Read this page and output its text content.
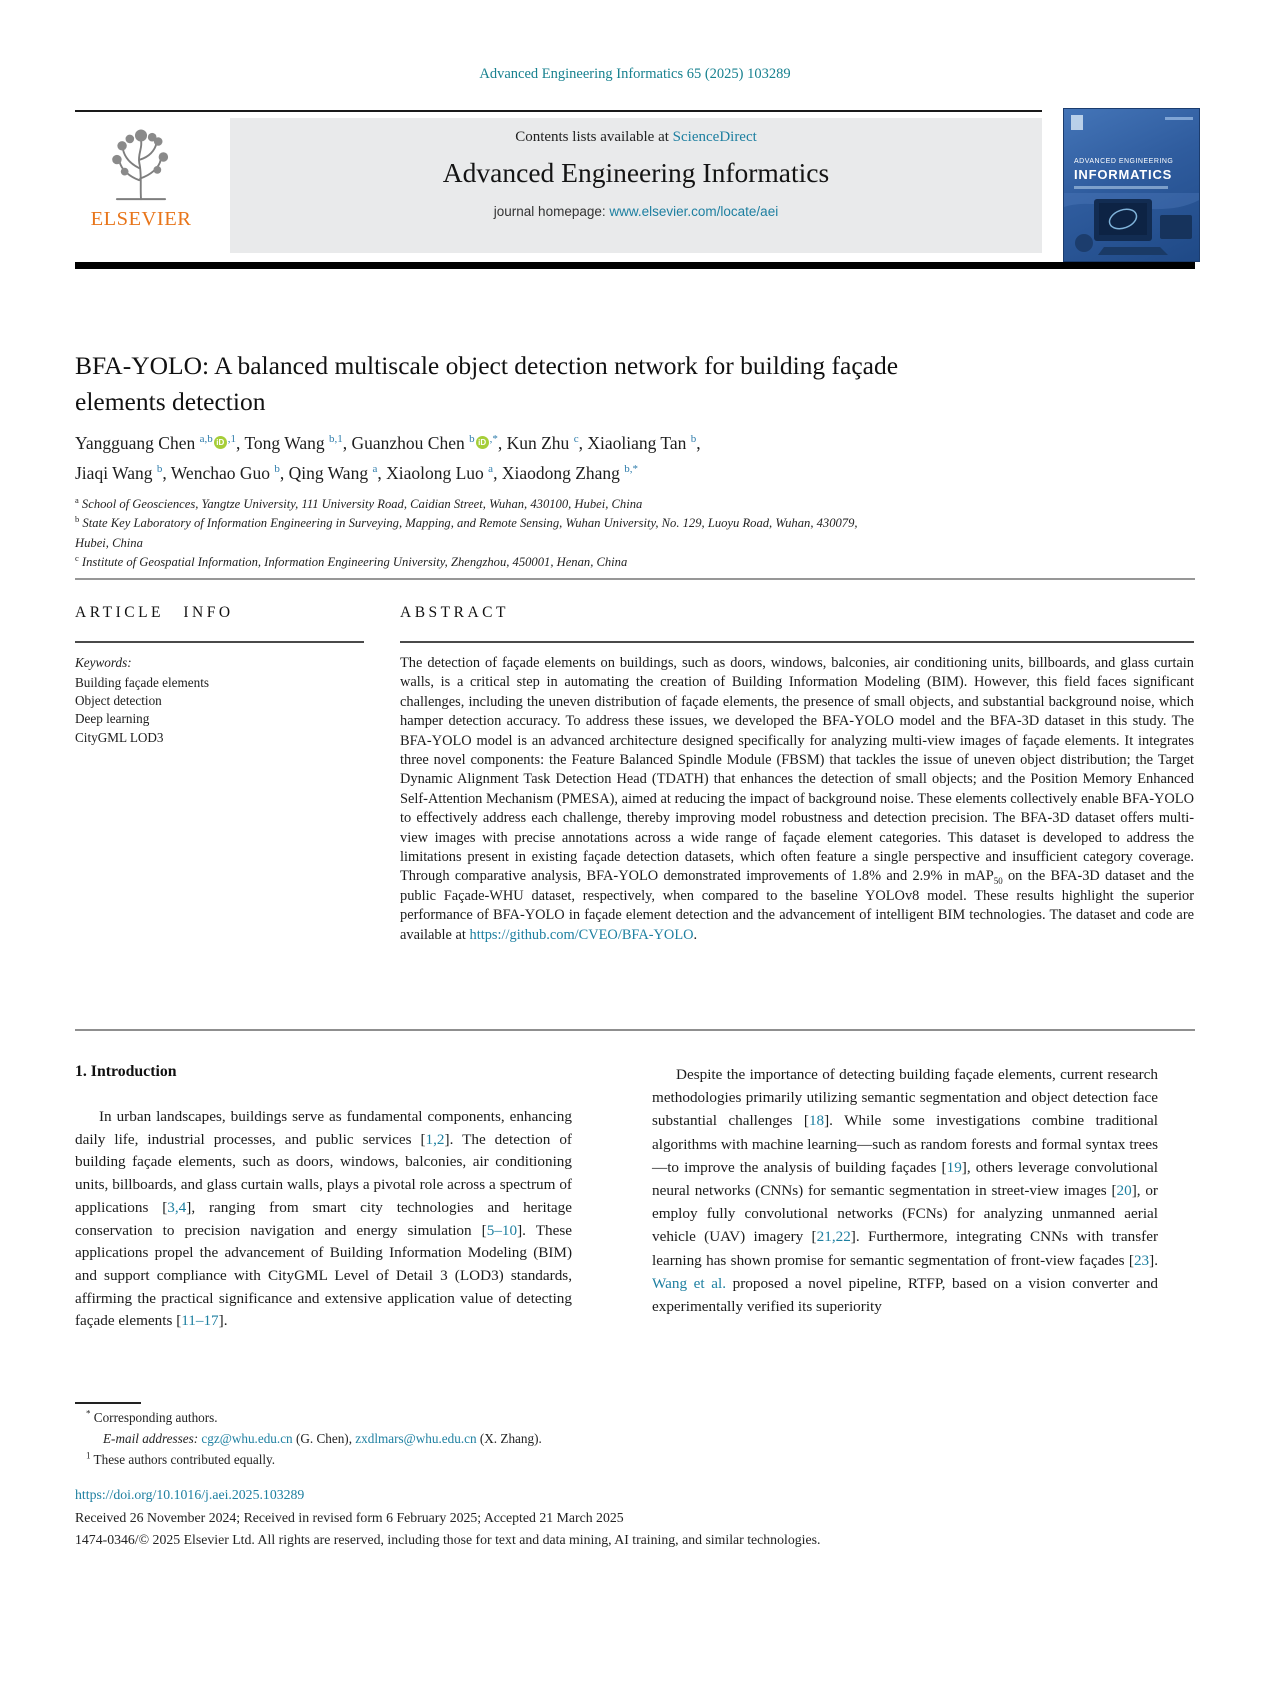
Advanced Engineering Informatics 65 (2025) 103289
ELSEVIER
Contents lists available at ScienceDirect
Advanced Engineering Informatics
journal homepage: www.elsevier.com/locate/aei
ADVANCED ENGINEERING
INFORMATICS
BFA-YOLO: A balanced multiscale object detection network for building façade elements detection
Yangguang Chen $^{a,b}$ iD $^{,1}$, Tong Wang $^{b,1}$, Guanzhou Chen $^b$ iD ,*, Kun Zhu $^c$, Xiaoliang Tan $^b$,
Jiaqi Wang $^b$, Wenchao Guo $^b$, Qing Wang $^a$, Xiaolong Luo $^a$, Xiaodong Zhang $^{b,*}$
$^a$ School of Geosciences, Yangtze University, 111 University Road, Caidian Street, Wuhan, 430100, Hubei, China
$^b$ State Key Laboratory of Information Engineering in Surveying, Mapping, and Remote Sensing, Wuhan University, No. 129, Luoyu Road, Wuhan, 430079, Hubei, China
$^c$ Institute of Geospatial Information, Information Engineering University, Zhengzhou, 450001, Henan, China
ARTICLE INFO
Keywords:
Building façade elements
Object detection
Deep learning
CityGML LOD3
ABSTRACT
The detection of façade elements on buildings, such as doors, windows, balconies, air conditioning units, billboards, and glass curtain walls, is a critical step in automating the creation of Building Information Modeling (BIM). However, this field faces significant challenges, including the uneven distribution of façade elements, the presence of small objects, and substantial background noise, which hamper detection accuracy. To address these issues, we developed the BFA-YOLO model and the BFA-3D dataset in this study. The BFA-YOLO model is an advanced architecture designed specifically for analyzing multi-view images of façade elements. It integrates three novel components: the Feature Balanced Spindle Module (FBSM) that tackles the issue of uneven object distribution; the Target Dynamic Alignment Task Detection Head (TDATH) that enhances the detection of small objects; and the Position Memory Enhanced Self-Attention Mechanism (PMESA), aimed at reducing the impact of background noise. These elements collectively enable BFA-YOLO to effectively address each challenge, thereby improving model robustness and detection precision. The BFA-3D dataset offers multi-view images with precise annotations across a wide range of façade element categories. This dataset is developed to address the limitations present in existing façade detection datasets, which often feature a single perspective and insufficient category coverage. Through comparative analysis, BFA-YOLO demonstrated improvements of 1.8% and 2.9% in mAP$_{50}$ on the BFA-3D dataset and the public Façade-WHU dataset, respectively, when compared to the baseline YOLOv8 model. These results highlight the superior performance of BFA-YOLO in façade element detection and the advancement of intelligent BIM technologies. The dataset and code are available at https://github.com/CVEO/BFA-YOLO.
1. Introduction
In urban landscapes, buildings serve as fundamental components, enhancing daily life, industrial processes, and public services [1,2]. The detection of building façade elements, such as doors, windows, balconies, air conditioning units, billboards, and glass curtain walls, plays a pivotal role across a spectrum of applications [3,4], ranging from smart city technologies and heritage conservation to precision navigation and energy simulation [5–10]. These applications propel the advancement of Building Information Modeling (BIM) and support compliance with CityGML Level of Detail 3 (LOD3) standards, affirming the practical significance and extensive application value of detecting façade elements [11–17].
Despite the importance of detecting building façade elements, current research methodologies primarily utilizing semantic segmentation and object detection face substantial challenges [18]. While some investigations combine traditional algorithms with machine learning—such as random forests and formal syntax trees—to improve the analysis of building façades [19], others leverage convolutional neural networks (CNNs) for semantic segmentation in street-view images [20], or employ fully convolutional networks (FCNs) for analyzing unmanned aerial vehicle (UAV) imagery [21,22]. Furthermore, integrating CNNs with transfer learning has shown promise for semantic segmentation of front-view façades [23]. Wang et al. proposed a novel pipeline, RTFP, based on a vision converter and experimentally verified its superiority
* Corresponding authors.
E-mail addresses: cgz@whu.edu.cn (G. Chen), zxdlmars@whu.edu.cn (X. Zhang).
$^1$ These authors contributed equally.
https://doi.org/10.1016/j.aei.2025.103289
Received 26 November 2024; Received in revised form 6 February 2025; Accepted 21 March 2025
1474-0346/© 2025 Elsevier Ltd. All rights are reserved, including those for text and data mining, AI training, and similar technologies.
